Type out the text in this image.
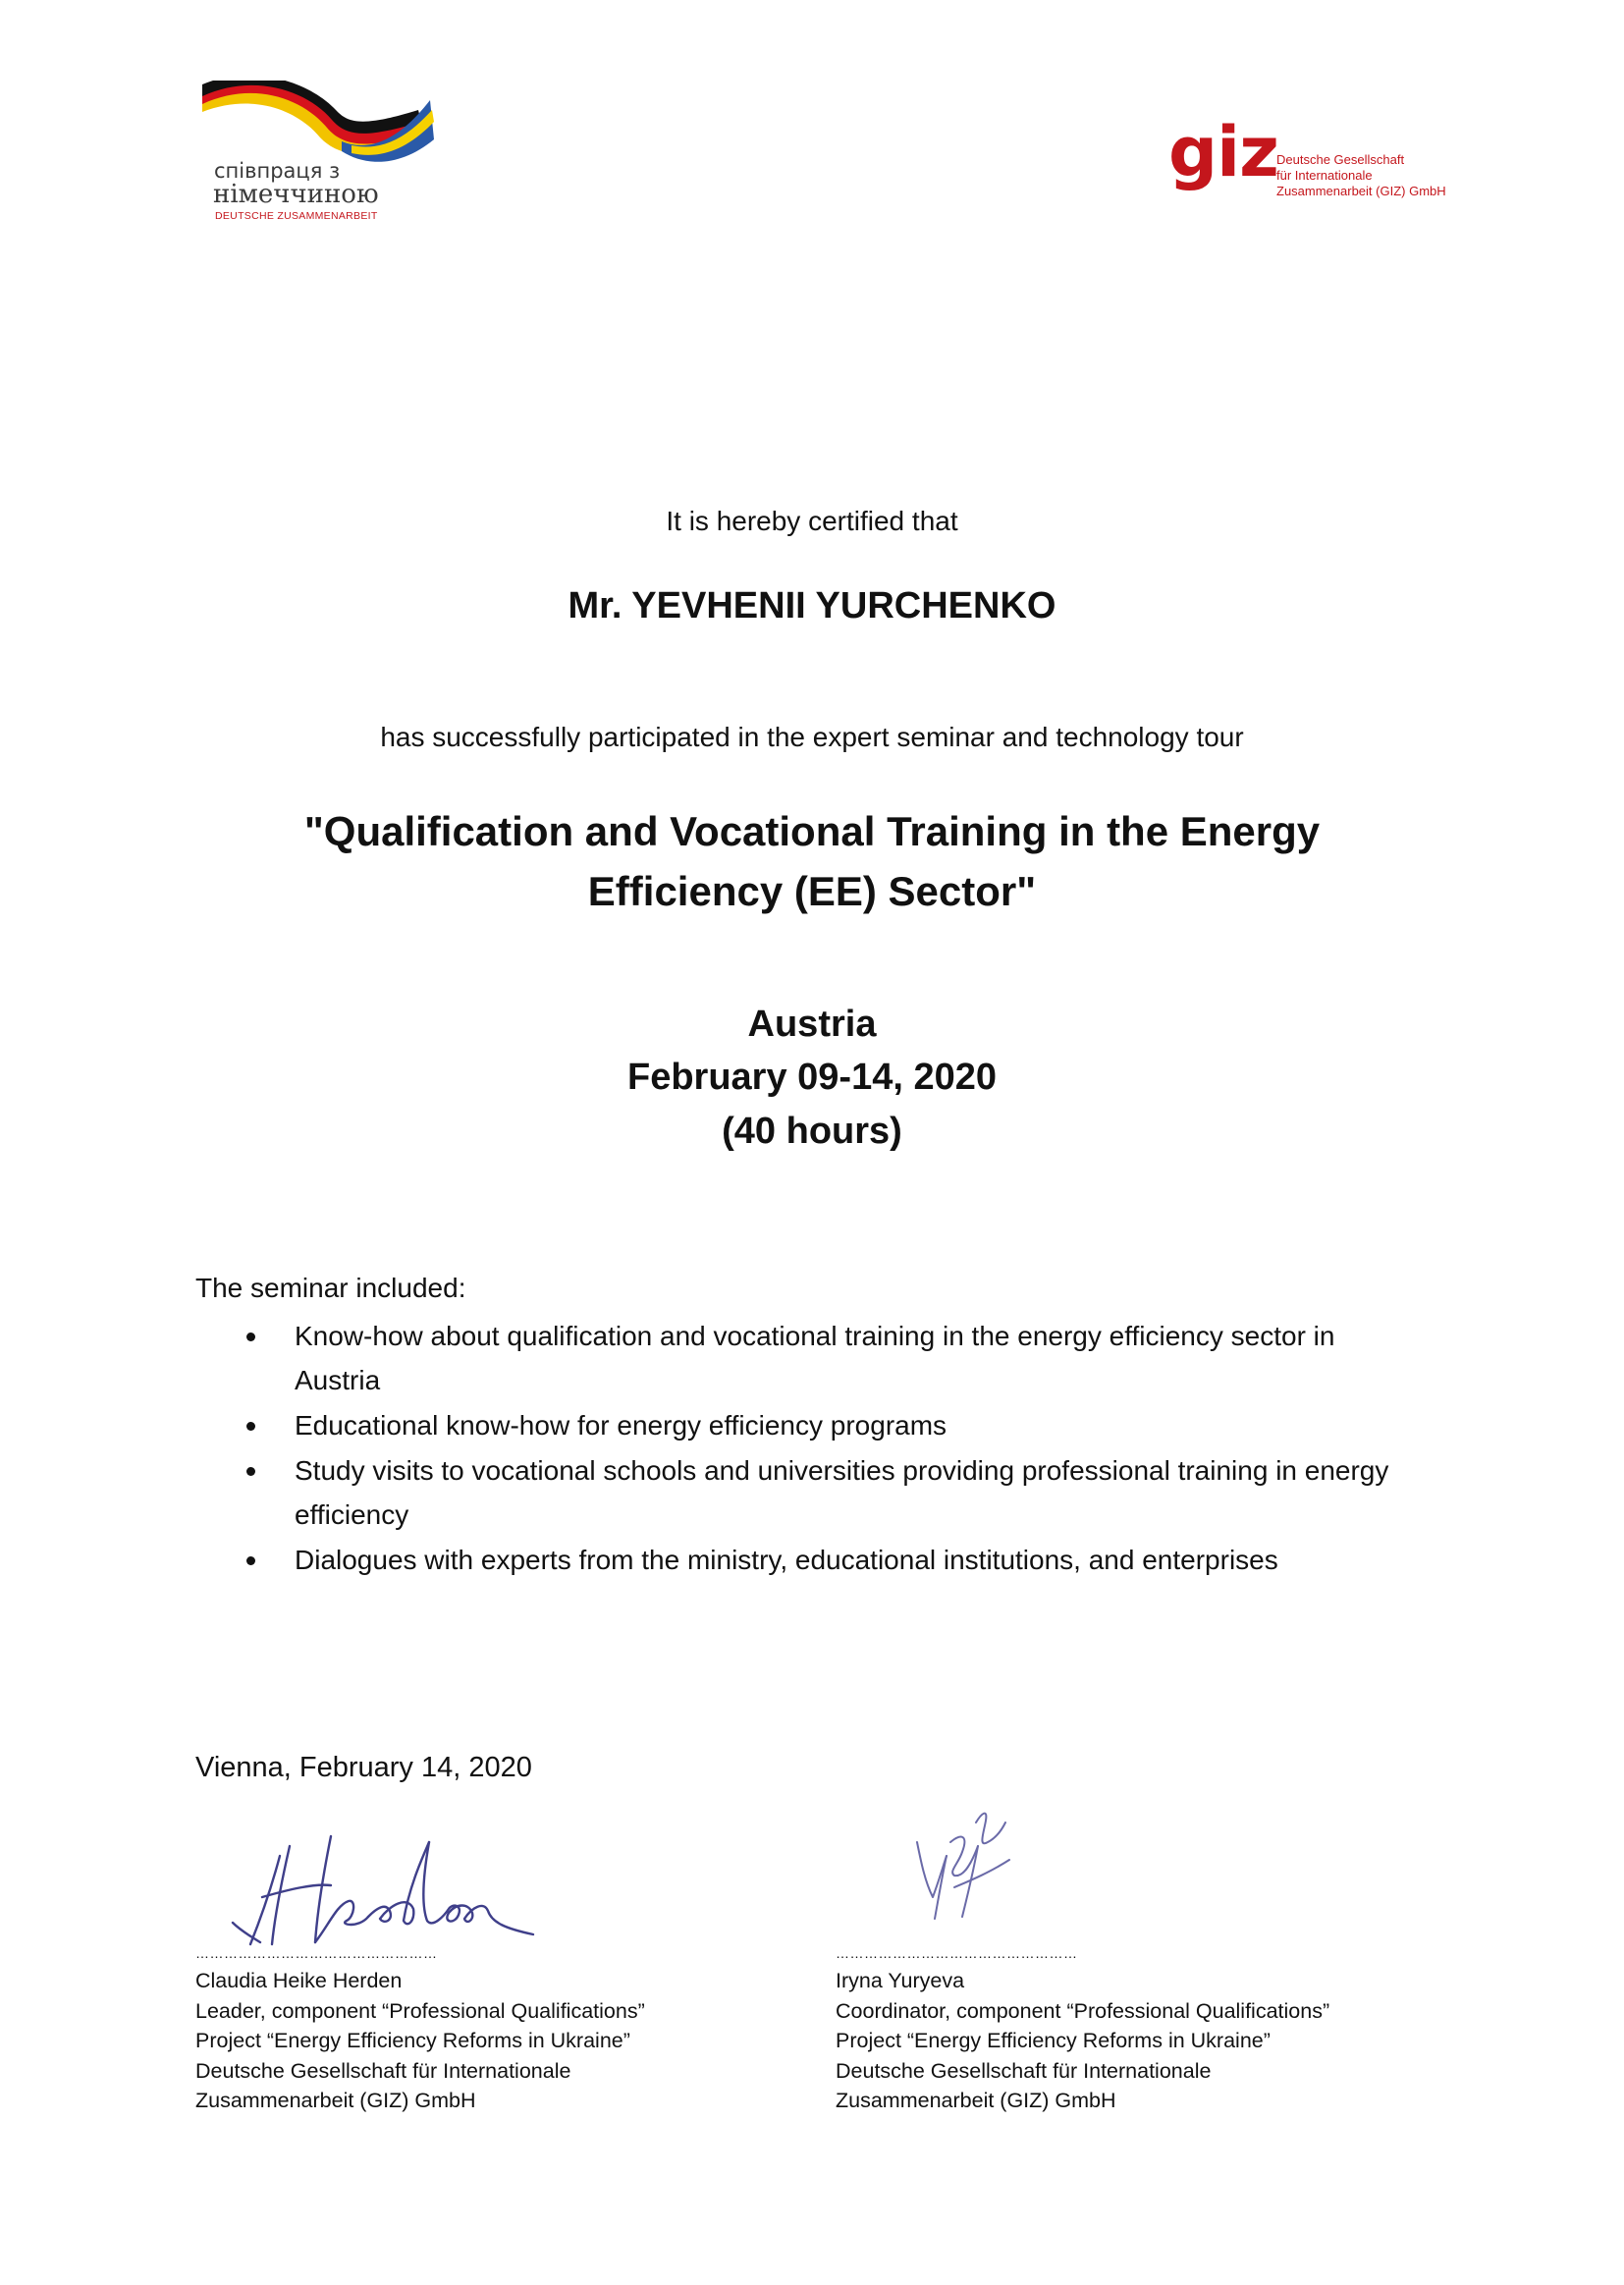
співпраця з
німеччиною
DEUTSCHE ZUSAMMENARBEIT
giz
Deutsche Gesellschaft
für Internationale
Zusammenarbeit (GIZ) GmbH
It is hereby certified that
Mr. YEVHENII YURCHENKO
has successfully participated in the expert seminar and technology tour
"Qualification and Vocational Training in the Energy
Efficiency (EE) Sector"
Austria
February 09-14, 2020
(40 hours)
The seminar included:
Know-how about qualification and vocational training in the energy efficiency sector in
Austria
Educational know-how for energy efficiency programs
Study visits to vocational schools and universities providing professional training in energy
efficiency
Dialogues with experts from the ministry, educational institutions, and enterprises
Vienna, February 14, 2020
……………………………………………
Claudia Heike Herden
Leader, component “Professional Qualifications”
Project “Energy Efficiency Reforms in Ukraine”
Deutsche Gesellschaft für Internationale
Zusammenarbeit (GIZ) GmbH
……………………………………………
Iryna Yuryeva
Coordinator, component “Professional Qualifications”
Project “Energy Efficiency Reforms in Ukraine”
Deutsche Gesellschaft für Internationale
Zusammenarbeit (GIZ) GmbH
